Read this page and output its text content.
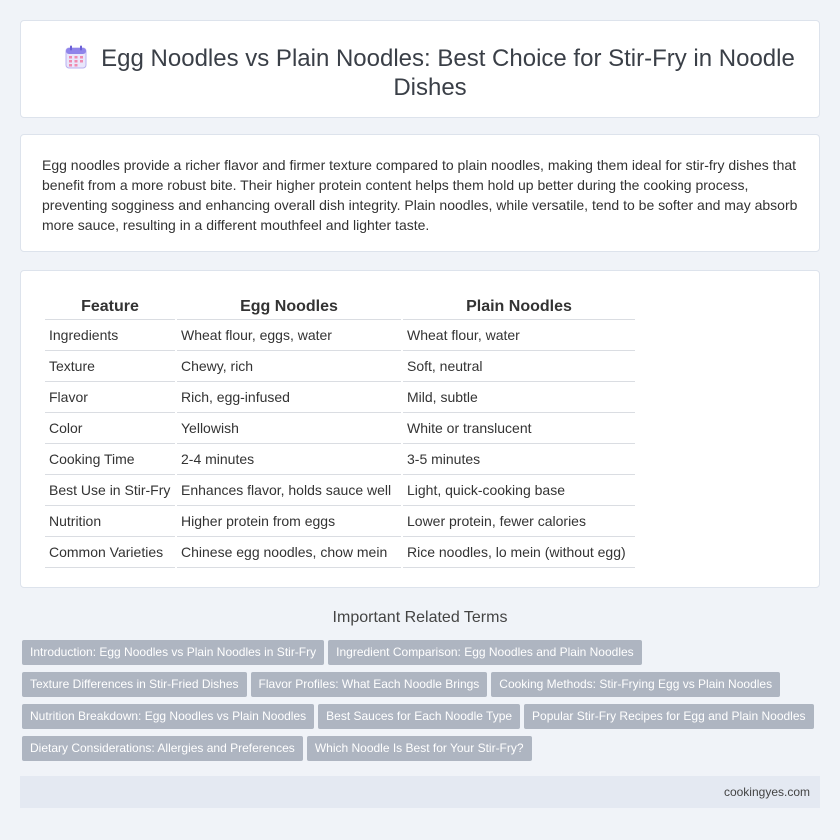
Egg Noodles vs Plain Noodles: Best Choice for Stir-Fry in Noodle Dishes

Egg noodles provide a richer flavor and firmer texture compared to plain noodles, making them ideal for stir-fry dishes that benefit from a more robust bite. Their higher protein content helps them hold up better during the cooking process, preventing sogginess and enhancing overall dish integrity. Plain noodles, while versatile, tend to be softer and may absorb more sauce, resulting in a different mouthfeel and lighter taste.

Feature	Egg Noodles	Plain Noodles
Ingredients	Wheat flour, eggs, water	Wheat flour, water
Texture	Chewy, rich	Soft, neutral
Flavor	Rich, egg-infused	Mild, subtle
Color	Yellowish	White or translucent
Cooking Time	2-4 minutes	3-5 minutes
Best Use in Stir-Fry	Enhances flavor, holds sauce well	Light, quick-cooking base
Nutrition	Higher protein from eggs	Lower protein, fewer calories
Common Varieties	Chinese egg noodles, chow mein	Rice noodles, lo mein (without egg)
Important Related Terms
Introduction: Egg Noodles vs Plain Noodles in Stir-Fry Ingredient Comparison: Egg Noodles and Plain Noodles
Texture Differences in Stir-Fried Dishes Flavor Profiles: What Each Noodle Brings Cooking Methods: Stir-Frying Egg vs Plain Noodles
Nutrition Breakdown: Egg Noodles vs Plain Noodles Best Sauces for Each Noodle Type Popular Stir-Fry Recipes for Egg and Plain Noodles
Dietary Considerations: Allergies and Preferences Which Noodle Is Best for Your Stir-Fry?
cookingyes.com
